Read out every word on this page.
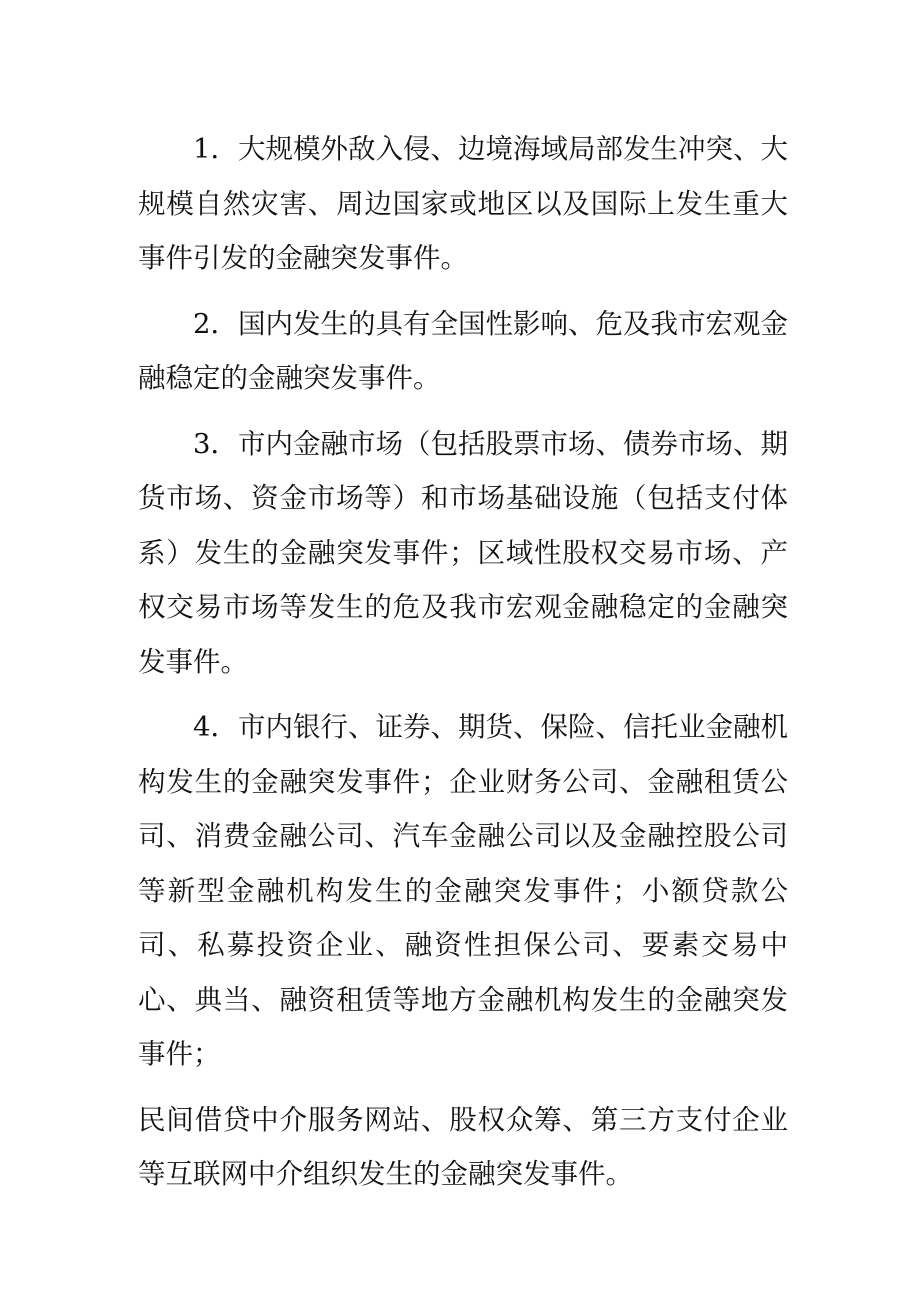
1．大规模外敌入侵、边境海域局部发生冲突、大规模自然灾害、周边国家或地区以及国际上发生重大事件引发的金融突发事件。

2．国内发生的具有全国性影响、危及我市宏观金融稳定的金融突发事件。

3．市内金融市场（包括股票市场、债券市场、期货市场、资金市场等）和市场基础设施（包括支付体系）发生的金融突发事件；区域性股权交易市场、产权交易市场等发生的危及我市宏观金融稳定的金融突发事件。

4．市内银行、证券、期货、保险、信托业金融机构发生的金融突发事件；企业财务公司、金融租赁公司、消费金融公司、汽车金融公司以及金融控股公司等新型金融机构发生的金融突发事件；小额贷款公司、私募投资企业、融资性担保公司、要素交易中心、典当、融资租赁等地方金融机构发生的金融突发事件；

民间借贷中介服务网站、股权众筹、第三方支付企业等互联网中介组织发生的金融突发事件。
